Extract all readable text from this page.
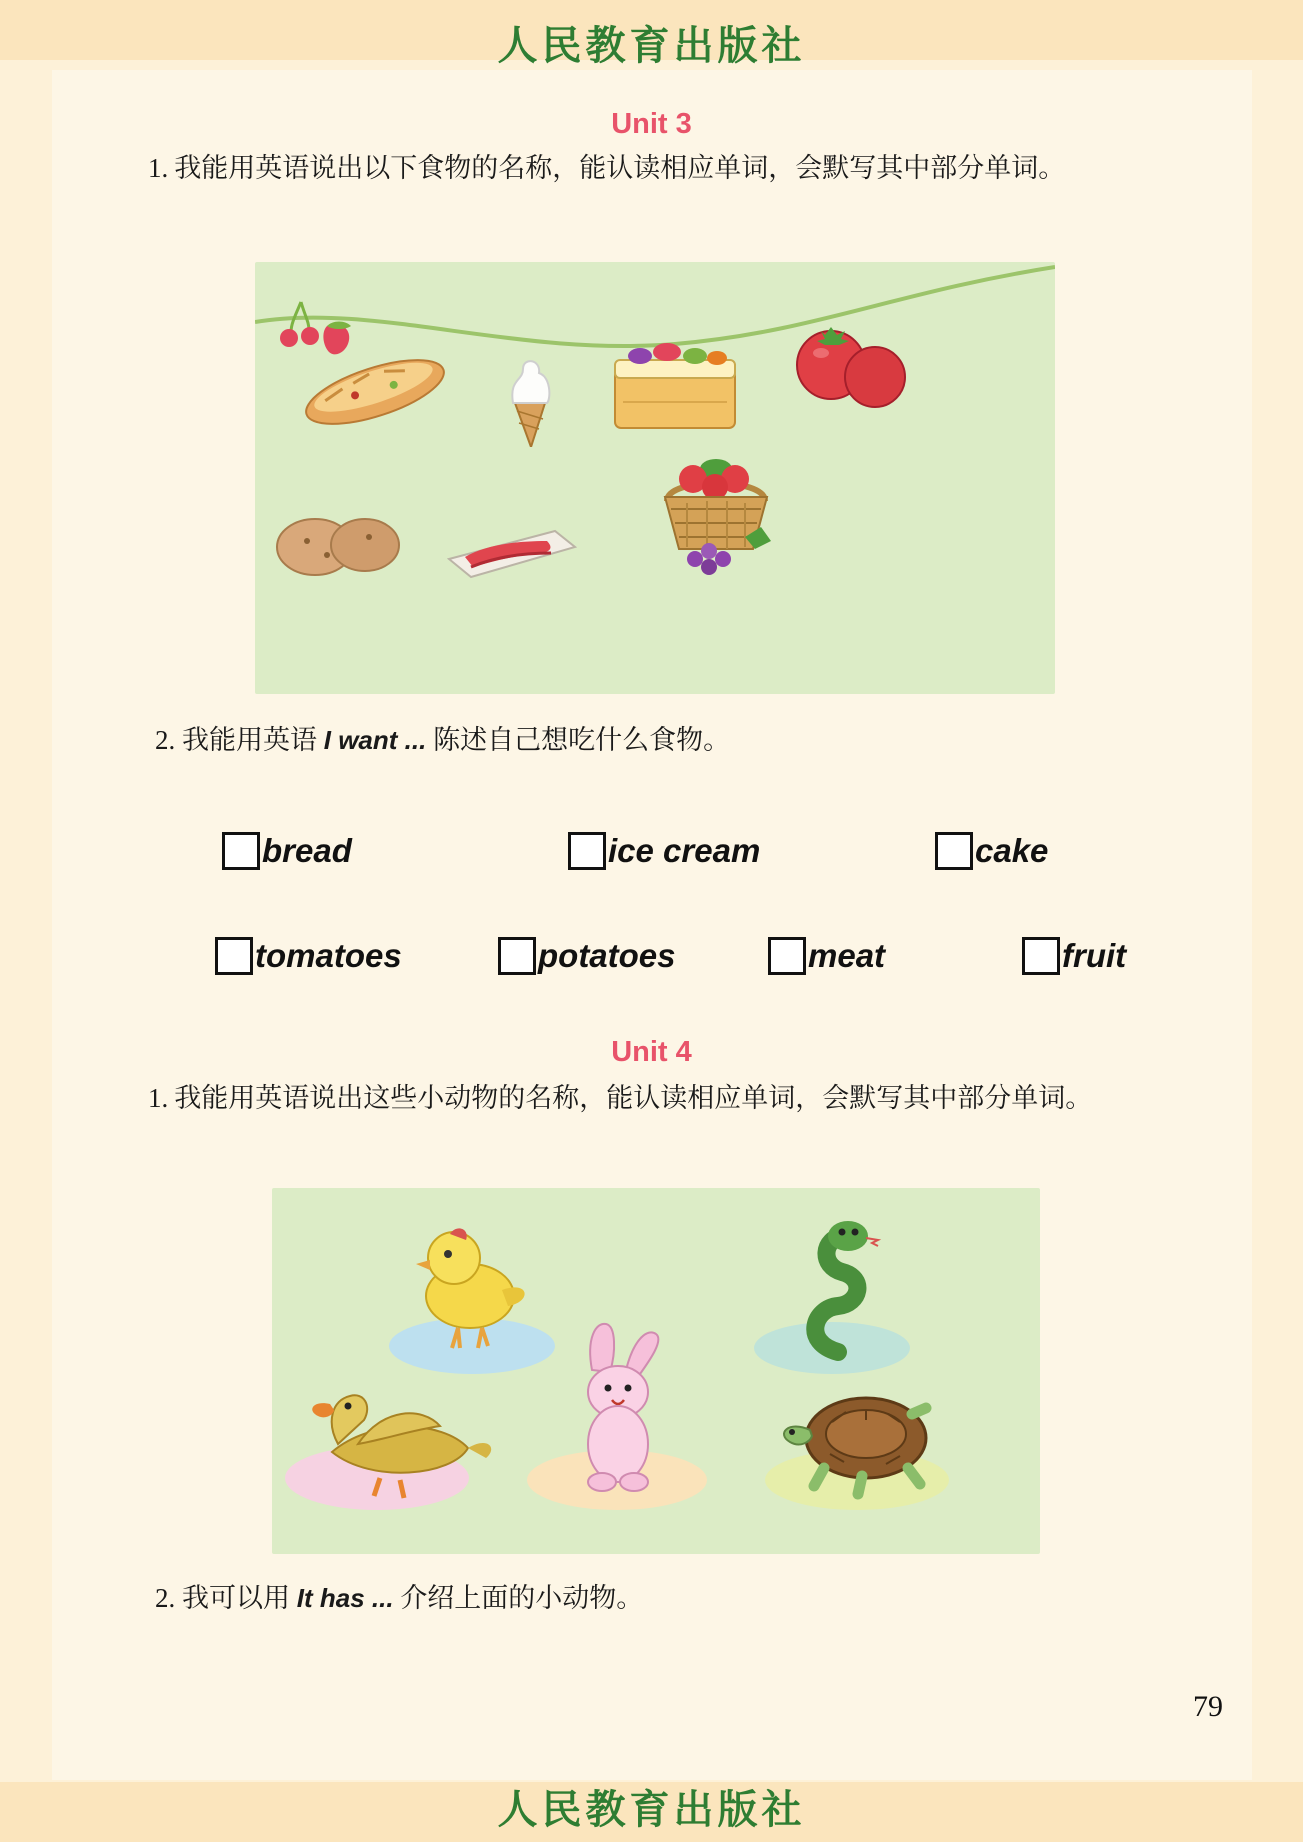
人民教育出版社
Unit 3
1. 我能用英语说出以下食物的名称，能认读相应单词，会默写其中部分单词。
2. 我能用英语 I want ... 陈述自己想吃什么食物。
bread	ice cream	cake
tomatoes	potatoes	meat	fruit
Unit 4
1. 我能用英语说出这些小动物的名称，能认读相应单词，会默写其中部分单词。
2. 我可以用 It has ... 介绍上面的小动物。
79
人民教育出版社
